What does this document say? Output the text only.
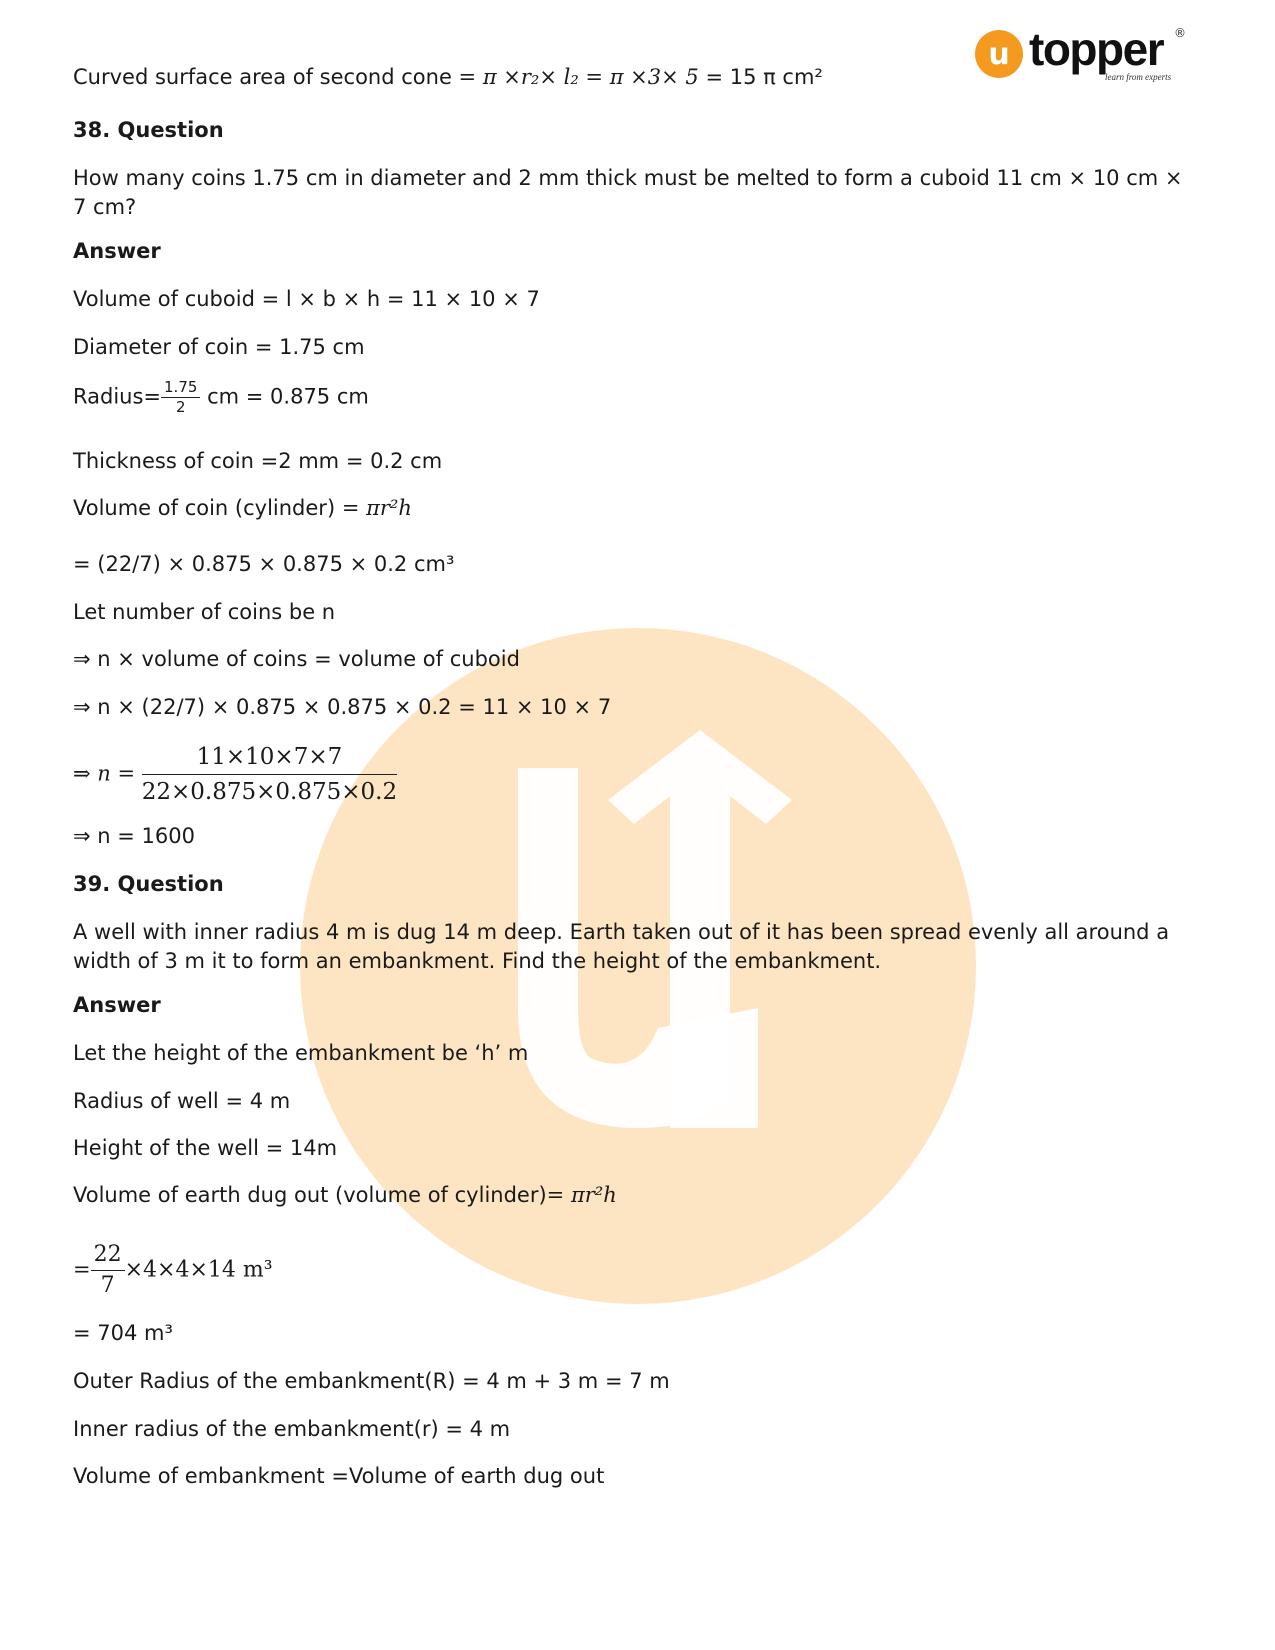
u topper
learn from experts
®
Curved surface area of second cone = π ×r₂× l₂ = π ×3× 5 = 15 π cm²
38. Question
How many coins 1.75 cm in diameter and 2 mm thick must be melted to form a cuboid 11 cm × 10 cm × 7 cm?
Answer
Volume of cuboid = l × b × h = 11 × 10 × 7
Diameter of coin = 1.75 cm
Radius= $\frac{1.75}{2}$ cm = 0.875 cm
Thickness of coin =2 mm = 0.2 cm
Volume of coin (cylinder) = πr²h
= (22/7) × 0.875 × 0.875 × 0.2 cm³
Let number of coins be n
⇒ n × volume of coins = volume of cuboid
⇒ n × (22/7) × 0.875 × 0.875 × 0.2 = 11 × 10 × 7
⇒ $n = \frac{11\times 10\times 7\times 7}{22\times 0.875\times 0.875\times 0.2}$
⇒ n = 1600
39. Question
A well with inner radius 4 m is dug 14 m deep. Earth taken out of it has been spread evenly all around a width of 3 m it to form an embankment. Find the height of the embankment.
Answer
Let the height of the embankment be ‘h’ m
Radius of well = 4 m
Height of the well = 14m
Volume of earth dug out (volume of cylinder)= πr²h
= $\frac{22}{7} \times 4\times 4\times 14$ m³
= 704 m³
Outer Radius of the embankment(R) = 4 m + 3 m = 7 m
Inner radius of the embankment(r) = 4 m
Volume of embankment =Volume of earth dug out
